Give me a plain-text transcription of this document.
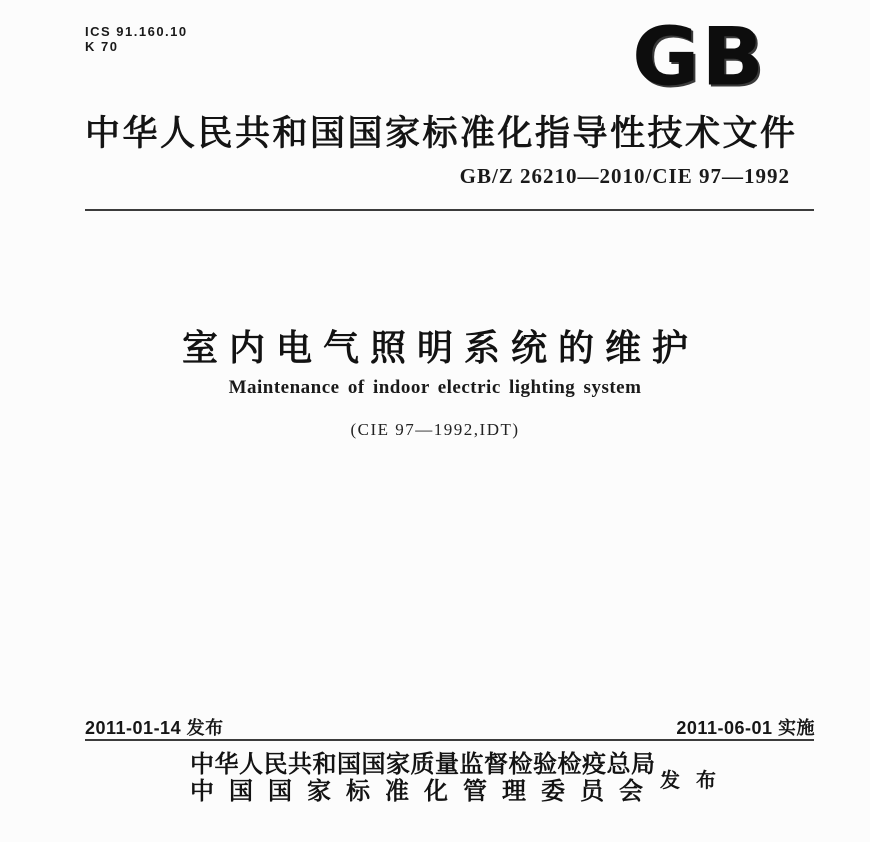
ICS 91.160.10
K 70	GB
中华人民共和国国家标准化指导性技术文件
GB/Z 26210—2010/CIE 97—1992
室内电气照明系统的维护
Maintenance of indoor electric lighting system
(CIE 97—1992,IDT)
2011-01-14 发布	2011-06-01 实施
中华人民共和国国家质量监督检验检疫总局
中国国家标准化管理委员会 发布
